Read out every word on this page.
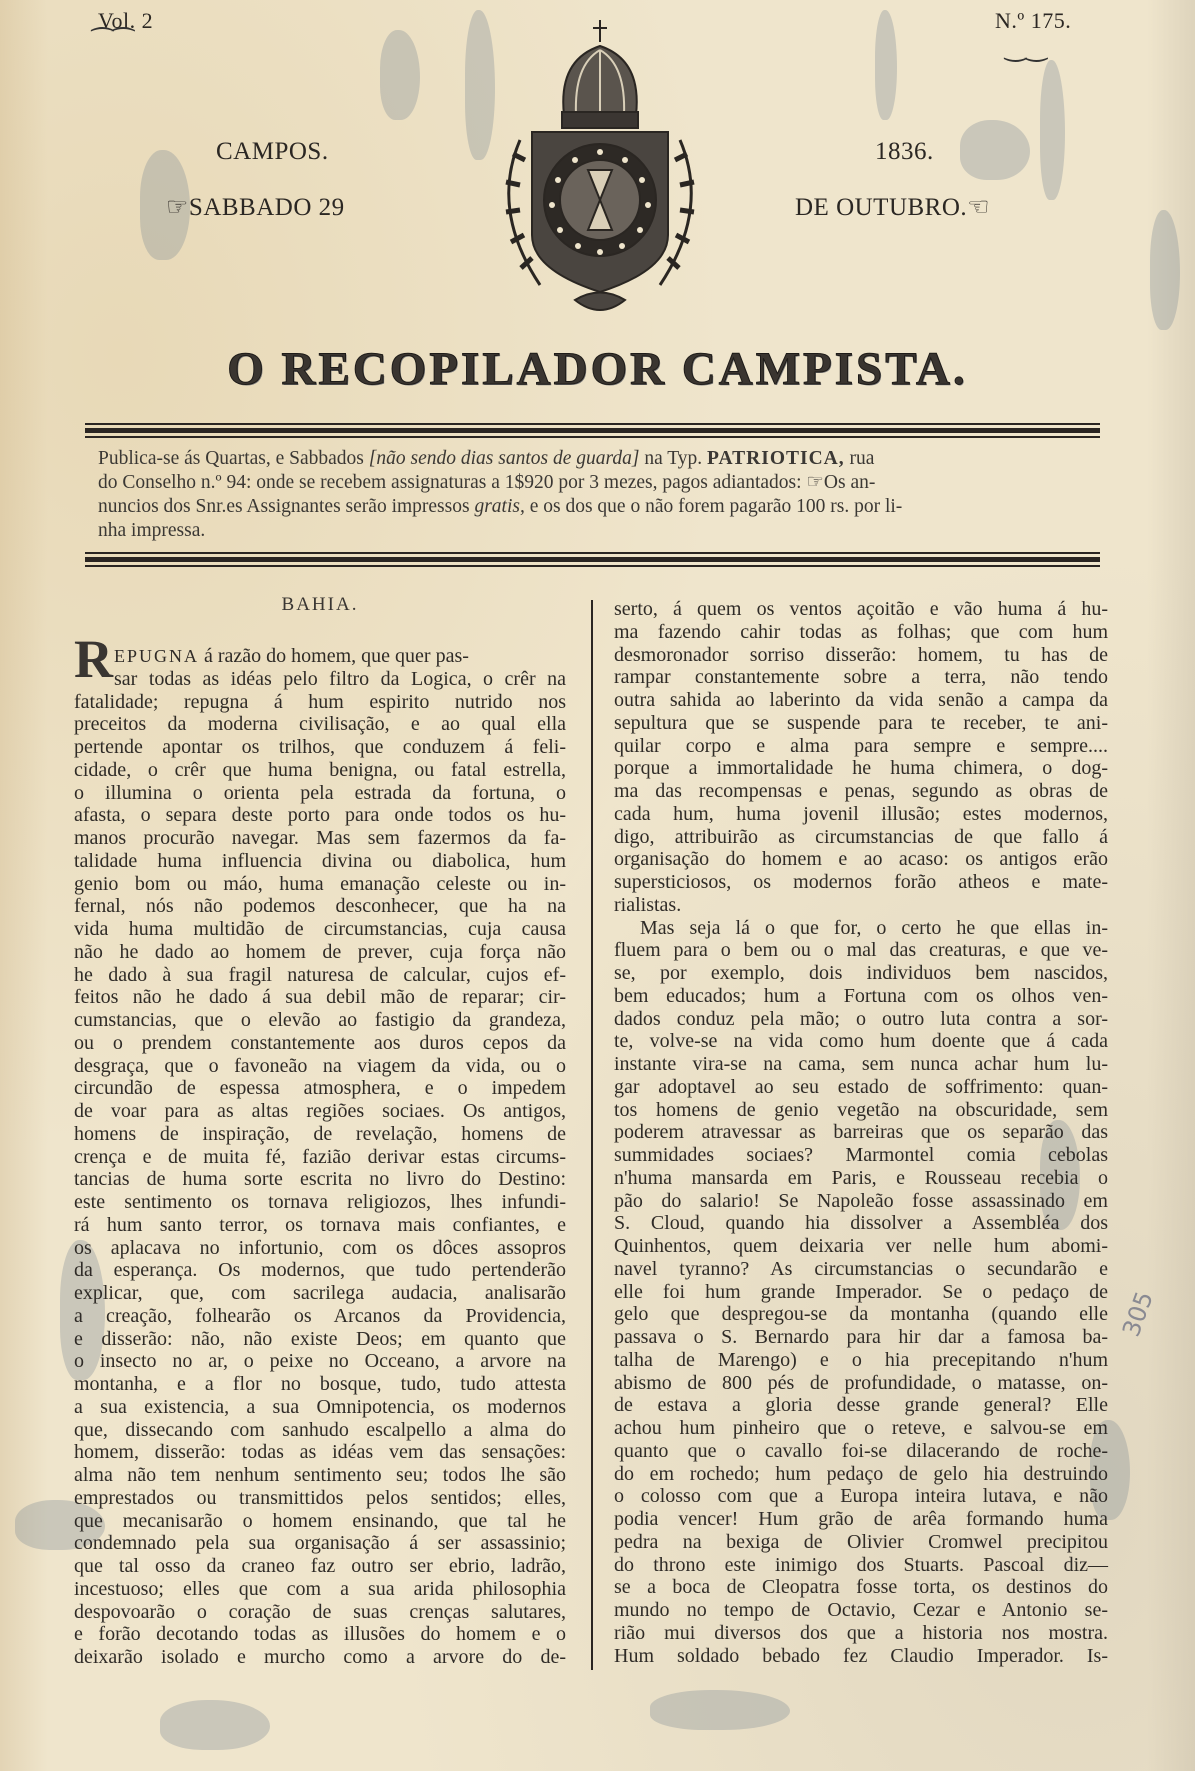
Vol. 2
⁀⁀
N.º 175.
‿‿
CAMPOS.	1836.
☞SABBADO 29	DE OUTUBRO.☜
O RECOPILADOR CAMPISTA.
Publica-se ás Quartas, e Sabbados [não sendo dias santos de guarda] na Typ. PATRIOTICA, rua
do Conselho n.º 94: onde se recebem assignaturas a 1$920 por 3 mezes, pagos adiantados: ☞Os an-
nuncios dos Snr.es Assignantes serão impressos gratis, e os dos que o não forem pagarão 100 rs. por li-
nha impressa.
BAHIA.
R EPUGNA á razão do homem, que quer pas-
sar todas as idéas pelo filtro da Logica, o crêr na
fatalidade; repugna á hum espirito nutrido nos
preceitos da moderna civilisação, e ao qual ella
pertende apontar os trilhos, que conduzem á feli-
cidade, o crêr que huma benigna, ou fatal estrella,
o illumina o orienta pela estrada da fortuna, o
afasta, o separa deste porto para onde todos os hu-
manos procurão navegar. Mas sem fazermos da fa-
talidade huma influencia divina ou diabolica, hum
genio bom ou máo, huma emanação celeste ou in-
fernal, nós não podemos desconhecer, que ha na
vida huma multidão de circumstancias, cuja causa
não he dado ao homem de prever, cuja força não
he dado à sua fragil naturesa de calcular, cujos ef-
feitos não he dado á sua debil mão de reparar; cir-
cumstancias, que o elevão ao fastigio da grandeza,
ou o prendem constantemente aos duros cepos da
desgraça, que o favoneão na viagem da vida, ou o
circundão de espessa atmosphera, e o impedem
de voar para as altas regiões sociaes. Os antigos,
homens de inspiração, de revelação, homens de
crença e de muita fé, fazião derivar estas circums-
tancias de huma sorte escrita no livro do Destino:
este sentimento os tornava religiozos, lhes infundi-
rá hum santo terror, os tornava mais confiantes, e
os aplacava no infortunio, com os dôces assopros
da esperança. Os modernos, que tudo pertenderão
explicar, que, com sacrilega audacia, analisarão
a creação, folhearão os Arcanos da Providencia,
e disserão: não, não existe Deos; em quanto que
o insecto no ar, o peixe no Occeano, a arvore na
montanha, e a flor no bosque, tudo, tudo attesta
a sua existencia, a sua Omnipotencia, os modernos
que, dissecando com sanhudo escalpello a alma do
homem, disserão: todas as idéas vem das sensações:
alma não tem nenhum sentimento seu; todos lhe são
emprestados ou transmittidos pelos sentidos; elles,
que mecanisarão o homem ensinando, que tal he
condemnado pela sua organisação á ser assassinio;
que tal osso da craneo faz outro ser ebrio, ladrão,
incestuoso; elles que com a sua arida philosophia
despovoarão o coração de suas crenças salutares,
e forão decotando todas as illusões do homem e o
deixarão isolado e murcho como a arvore do de-
serto, á quem os ventos açoitão e vão huma á hu-
ma fazendo cahir todas as folhas; que com hum
desmoronador sorriso disserão: homem, tu has de
rampar constantemente sobre a terra, não tendo
outra sahida ao laberinto da vida senão a campa da
sepultura que se suspende para te receber, te ani-
quilar corpo e alma para sempre e sempre....
porque a immortalidade he huma chimera, o dog-
ma das recompensas e penas, segundo as obras de
cada hum, huma jovenil illusão; estes modernos,
digo, attribuirão as circumstancias de que fallo á
organisação do homem e ao acaso: os antigos erão
supersticiosos, os modernos forão atheos e mate-
rialistas.
Mas seja lá o que for, o certo he que ellas in-
fluem para o bem ou o mal das creaturas, e que ve-
se, por exemplo, dois individuos bem nascidos,
bem educados; hum a Fortuna com os olhos ven-
dados conduz pela mão; o outro luta contra a sor-
te, volve-se na vida como hum doente que á cada
instante vira-se na cama, sem nunca achar hum lu-
gar adoptavel ao seu estado de soffrimento: quan-
tos homens de genio vegetão na obscuridade, sem
poderem atravessar as barreiras que os separão das
summidades sociaes? Marmontel comia cebolas
n'huma mansarda em Paris, e Rousseau recebia o
pão do salario! Se Napoleão fosse assassinado em
S. Cloud, quando hia dissolver a Assembléa dos
Quinhentos, quem deixaria ver nelle hum abomi-
navel tyranno? As circumstancias o secundarão e
elle foi hum grande Imperador. Se o pedaço de
gelo que despregou-se da montanha (quando elle
passava o S. Bernardo para hir dar a famosa ba-
talha de Marengo) e o hia precepitando n'hum
abismo de 800 pés de profundidade, o matasse, on-
de estava a gloria desse grande general? Elle
achou hum pinheiro que o reteve, e salvou-se em
quanto que o cavallo foi-se dilacerando de roche-
do em rochedo; hum pedaço de gelo hia destruindo
o colosso com que a Europa inteira lutava, e não
podia vencer! Hum grão de arêa formando huma
pedra na bexiga de Olivier Cromwel precipitou
do throno este inimigo dos Stuarts. Pascoal diz—
se a boca de Cleopatra fosse torta, os destinos do
mundo no tempo de Octavio, Cezar e Antonio se-
rião mui diversos dos que a historia nos mostra.
Hum soldado bebado fez Claudio Imperador. Is-
305
